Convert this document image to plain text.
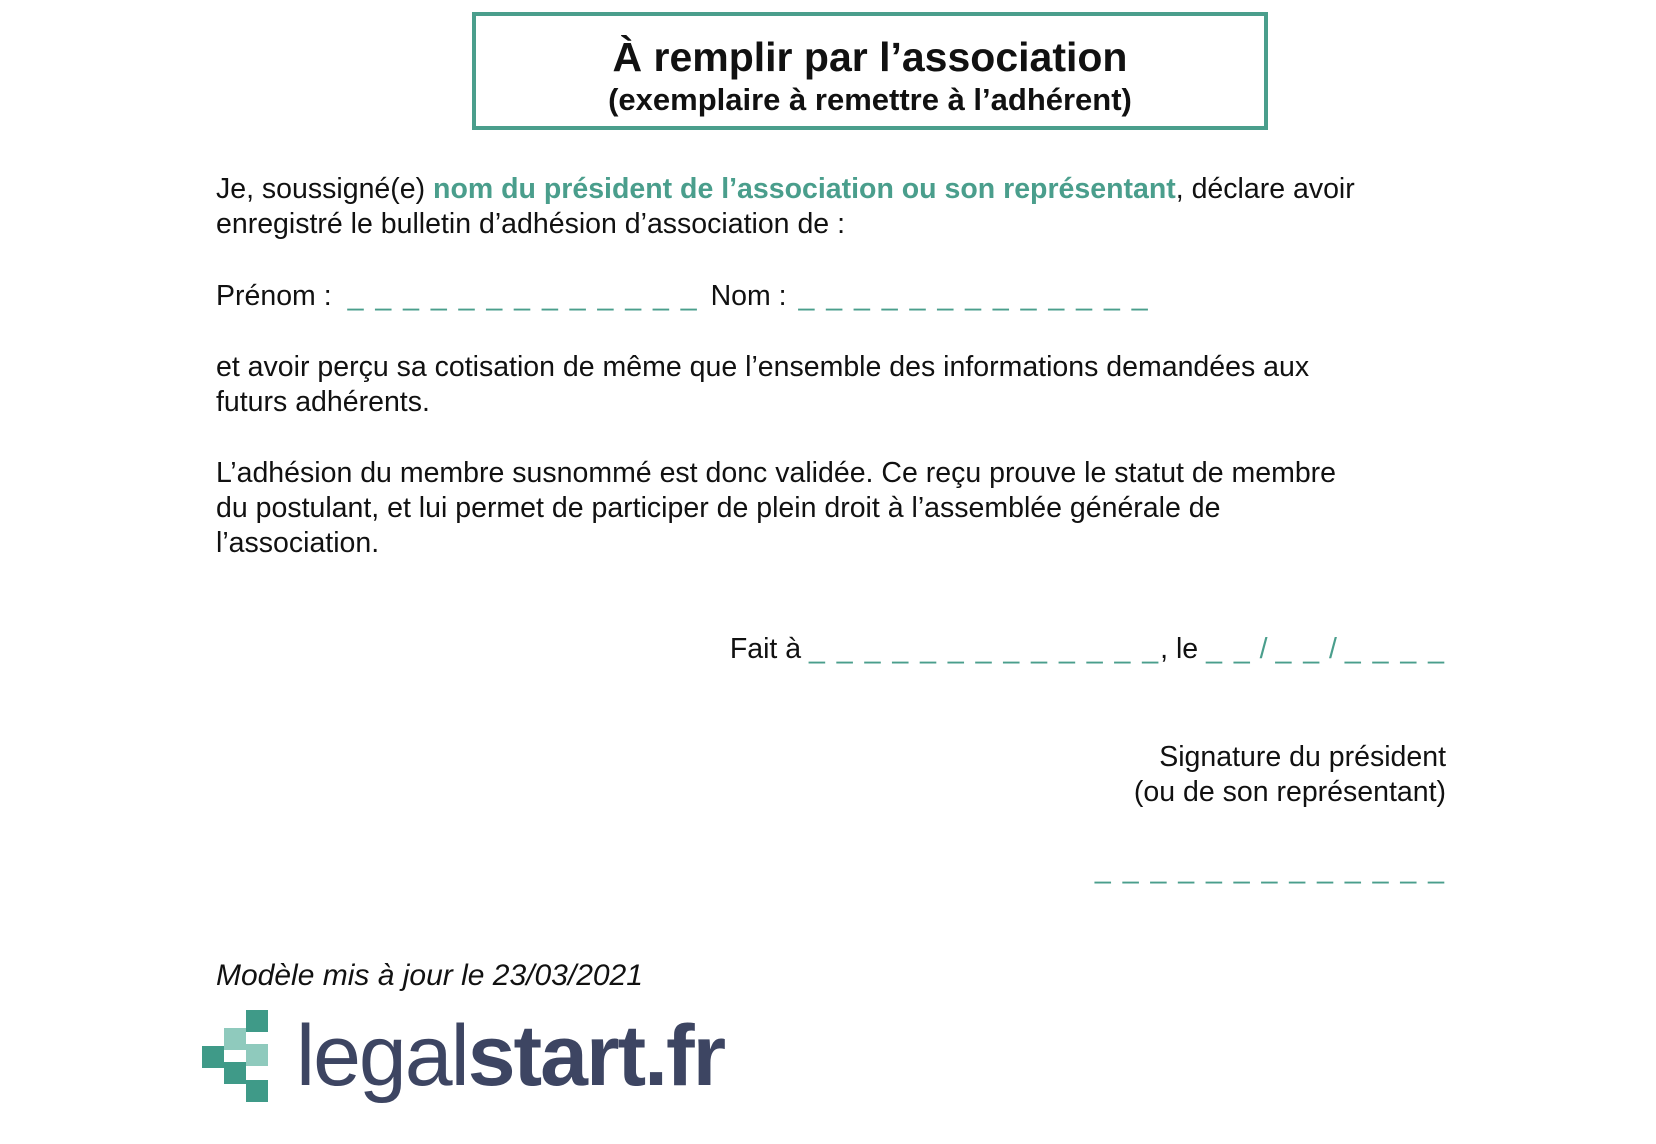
À remplir par l’association
(exemplaire à remettre à l’adhérent)
Je, soussigné(e) nom du président de l’association ou son représentant, déclare avoir
enregistré le bulletin d’adhésion d’association de :
Prénom : _ _ _ _ _ _ _ _ _ _ _ _ _ Nom : _ _ _ _ _ _ _ _ _ _ _ _ _
et avoir perçu sa cotisation de même que l’ensemble des informations demandées aux
futurs adhérents.
L’adhésion du membre susnommé est donc validée. Ce reçu prouve le statut de membre
du postulant, et lui permet de participer de plein droit à l’assemblée générale de
l’association.
Fait à _ _ _ _ _ _ _ _ _ _ _ _ _, le _ _ / _ _ / _ _ _ _
Signature du président
(ou de son représentant)
_ _ _ _ _ _ _ _ _ _ _ _ _
Modèle mis à jour le 23/03/2021
legalstart.fr
